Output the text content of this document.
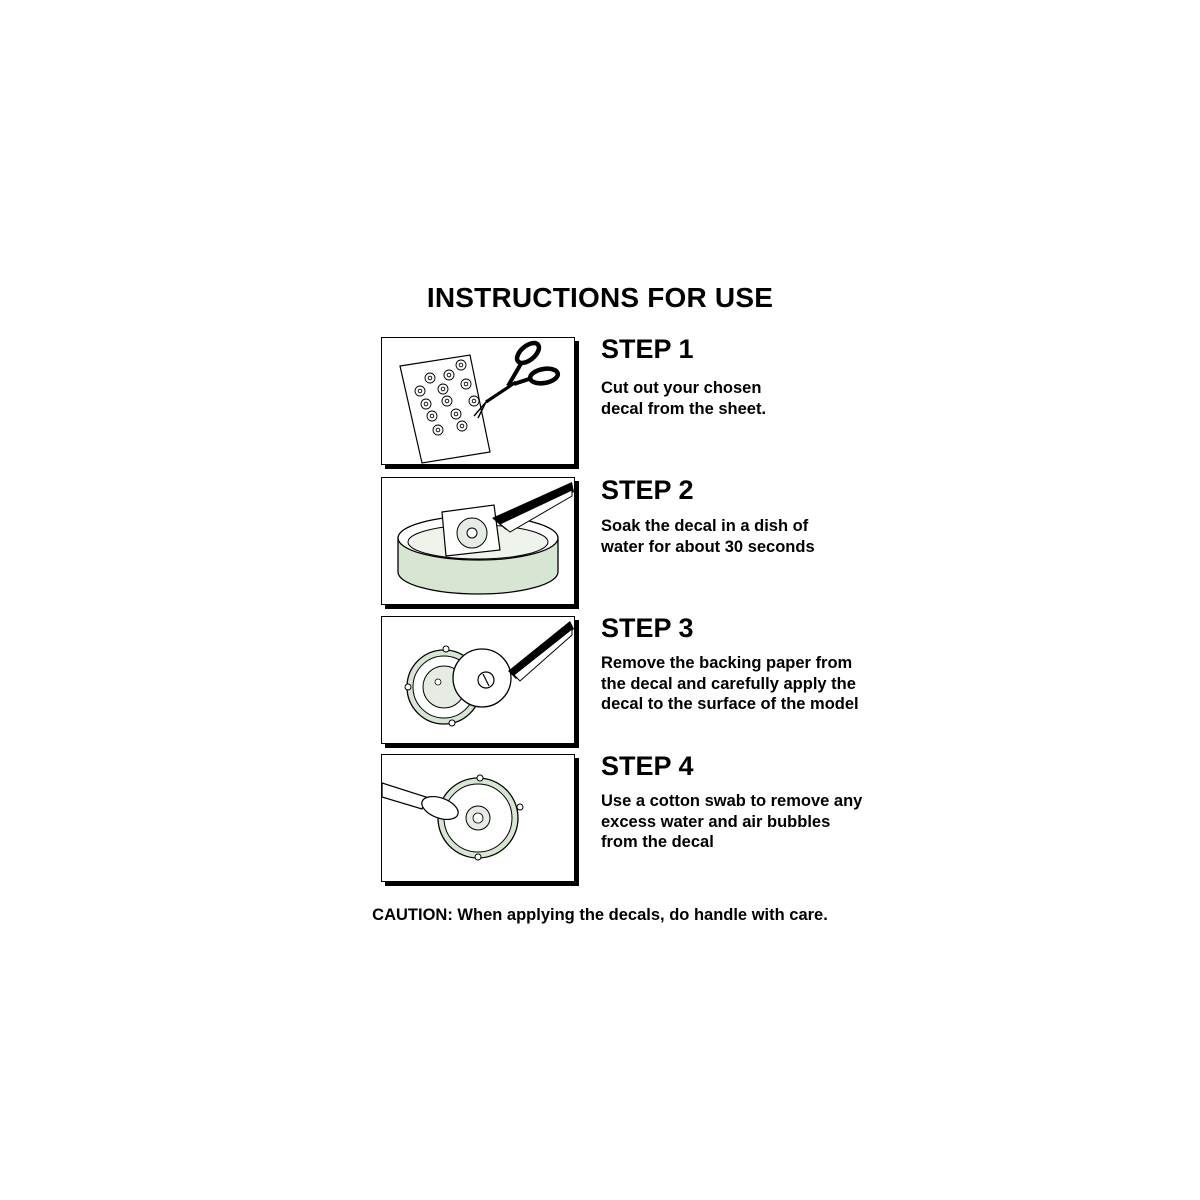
INSTRUCTIONS FOR USE
STEP 1
Cut out your chosen decal from the sheet.
STEP 2
Soak the decal in a dish of water for about 30 seconds
STEP 3
Remove the backing paper from the decal and carefully apply the decal to the surface of the model
STEP 4
Use a cotton swab to remove any excess water and air bubbles from the decal
CAUTION: When applying the decals, do handle with care.
